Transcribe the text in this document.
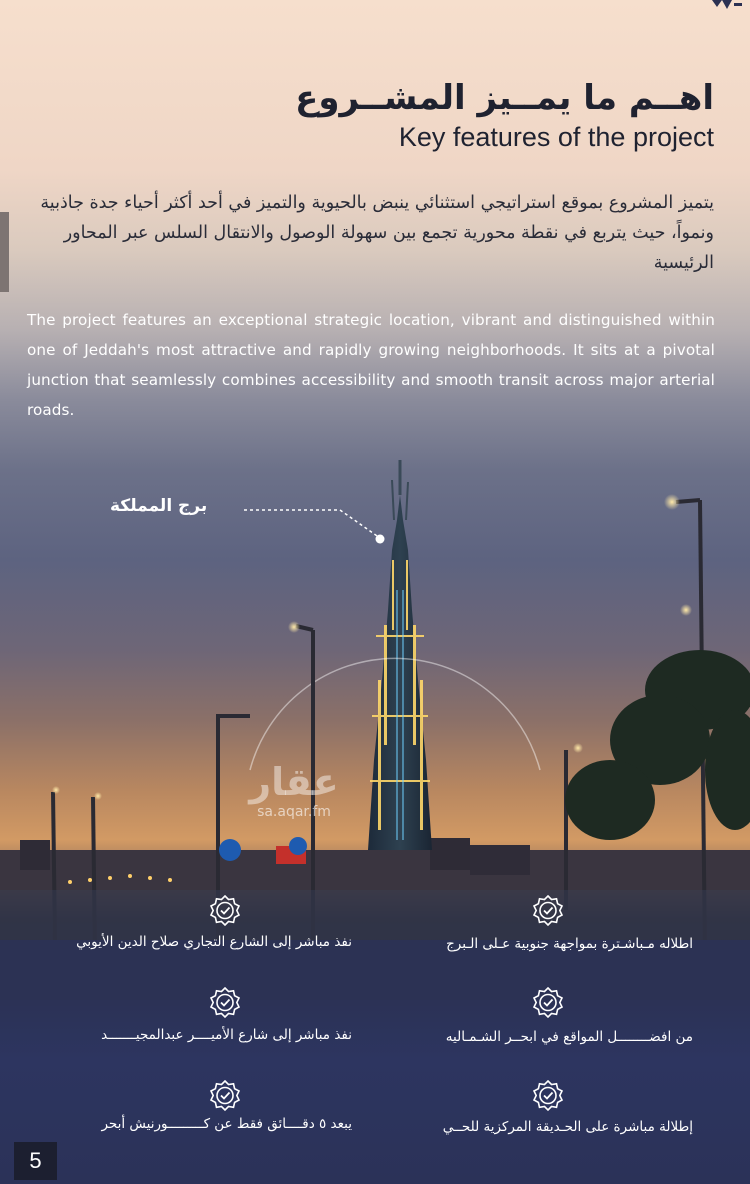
اهــم ما يمــيز المشــروع
Key features of the project
يتميز المشروع بموقع استراتيجي استثنائي ينبض بالحيوية والتميز في أحد أكثر أحياء جدة جاذبية ونمواً، حيث يتربع في نقطة محورية تجمع بين سهولة الوصول والانتقال السلس عبر المحاور الرئيسية
The project features an exceptional strategic location, vibrant and distinguished within one of Jeddah's most attractive and rapidly growing neighborhoods. It sits at a pivotal junction that seamlessly combines accessibility and smooth transit across major arterial roads.
برج المملكة
عقار
sa.aqar.fm
اطلاله مـباشـترة بمواجهة جنوبية عـلى الـبرج
نفذ مباشر إلى الشارع التجاري صلاح الدين الأيوبي
من افضــــــــل المواقع في ابحــر الشـمـاليه
نفذ مباشر إلى شارع الأميــــر عبدالمجيـــــــد
إطلالة مباشرة على الحـديقة المركزية للحــي
يبعد ٥ دقــــائق فقط عن كـــــــــورنيش أبحر
5
